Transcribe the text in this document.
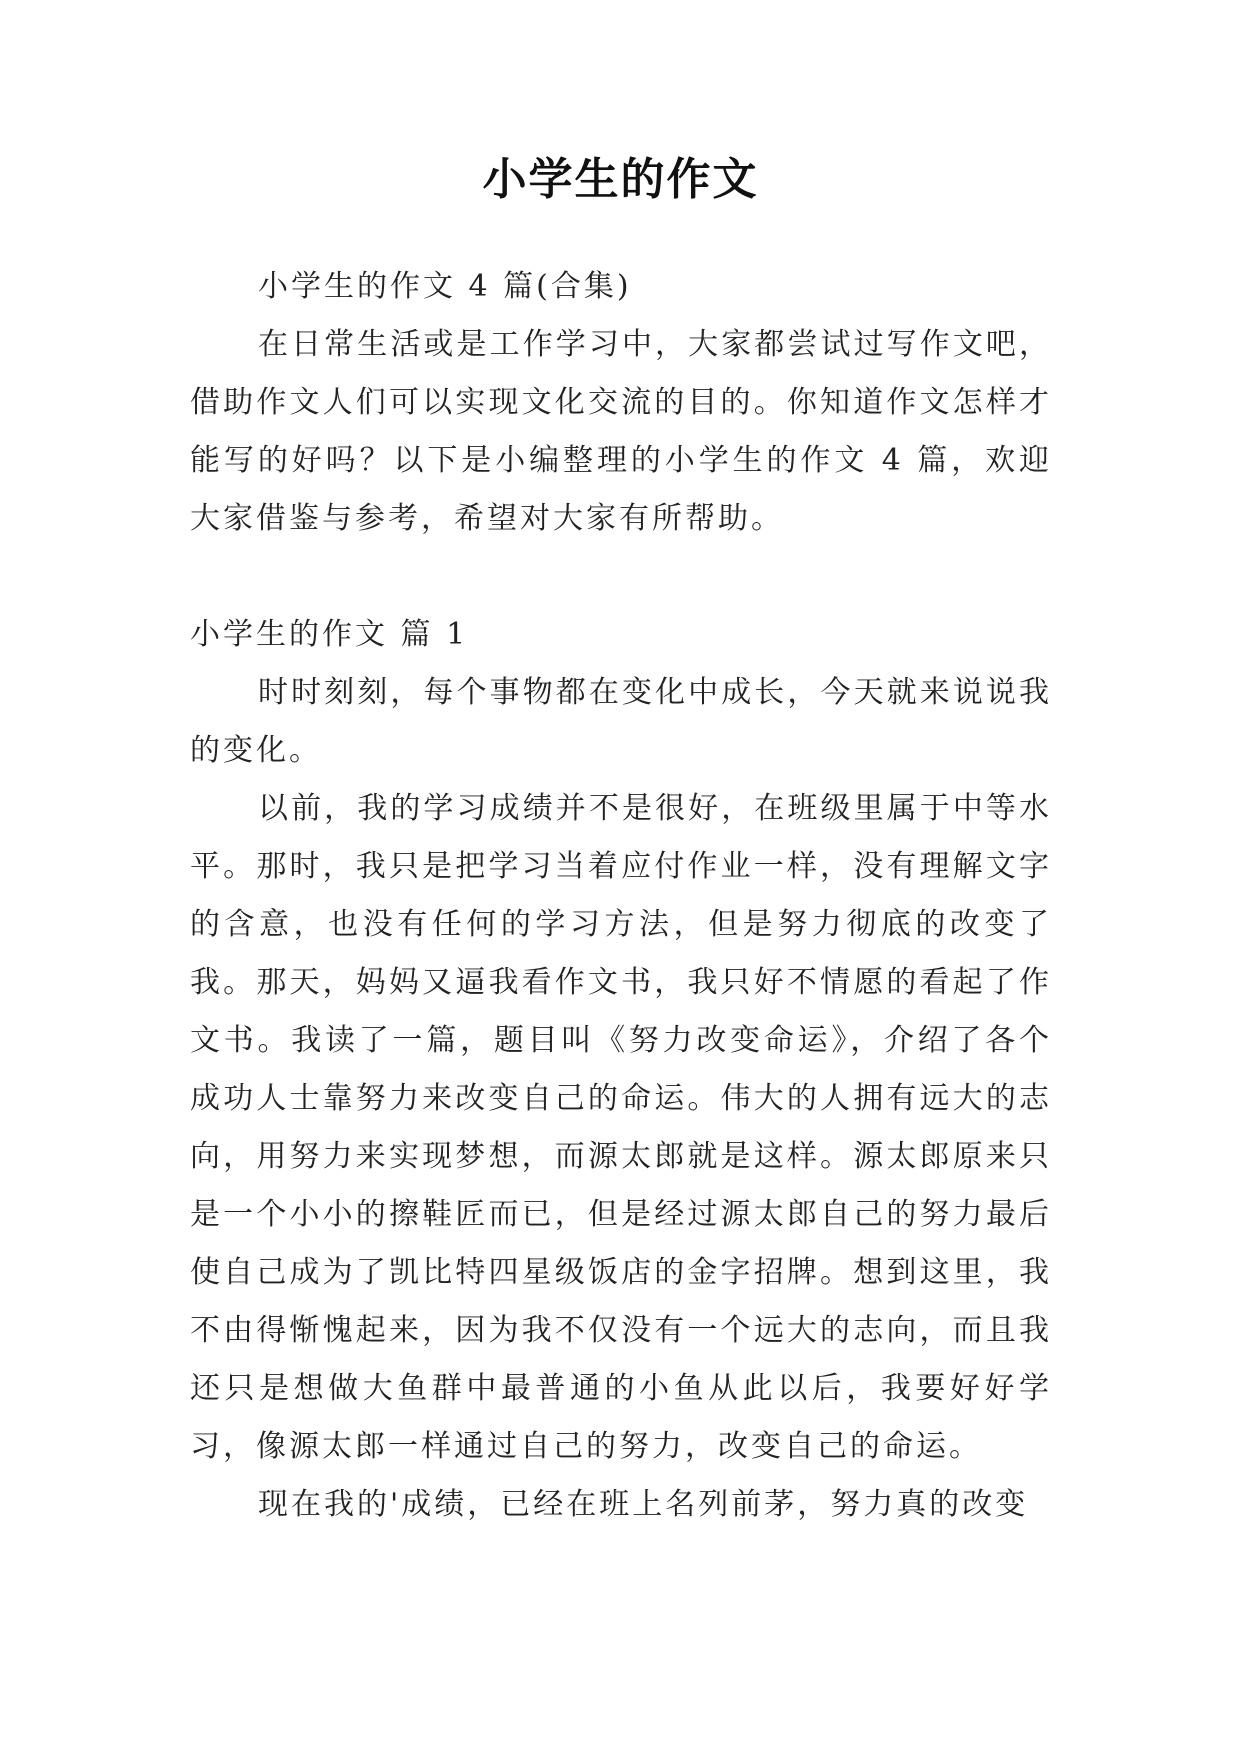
小学生的作文

小学生的作文 4 篇(合集)

在日常生活或是工作学习中，大家都尝试过写作文吧，借助作文人们可以实现文化交流的目的。你知道作文怎样才能写的好吗？以下是小编整理的小学生的作文 4 篇，欢迎大家借鉴与参考，希望对大家有所帮助。

小学生的作文 篇 1

时时刻刻，每个事物都在变化中成长，今天就来说说我的变化。

以前，我的学习成绩并不是很好，在班级里属于中等水平。那时，我只是把学习当着应付作业一样，没有理解文字的含意，也没有任何的学习方法，但是努力彻底的改变了我。那天，妈妈又逼我看作文书，我只好不情愿的看起了作文书。我读了一篇，题目叫《努力改变命运》，介绍了各个成功人士靠努力来改变自己的命运。伟大的人拥有远大的志向，用努力来实现梦想，而源太郎就是这样。源太郎原来只是一个小小的擦鞋匠而已，但是经过源太郎自己的努力最后使自己成为了凯比特四星级饭店的金字招牌。想到这里，我不由得惭愧起来，因为我不仅没有一个远大的志向，而且我还只是想做大鱼群中最普通的小鱼从此以后，我要好好学习，像源太郎一样通过自己的努力，改变自己的命运。

现在我的'成绩，已经在班上名列前茅，努力真的改变
